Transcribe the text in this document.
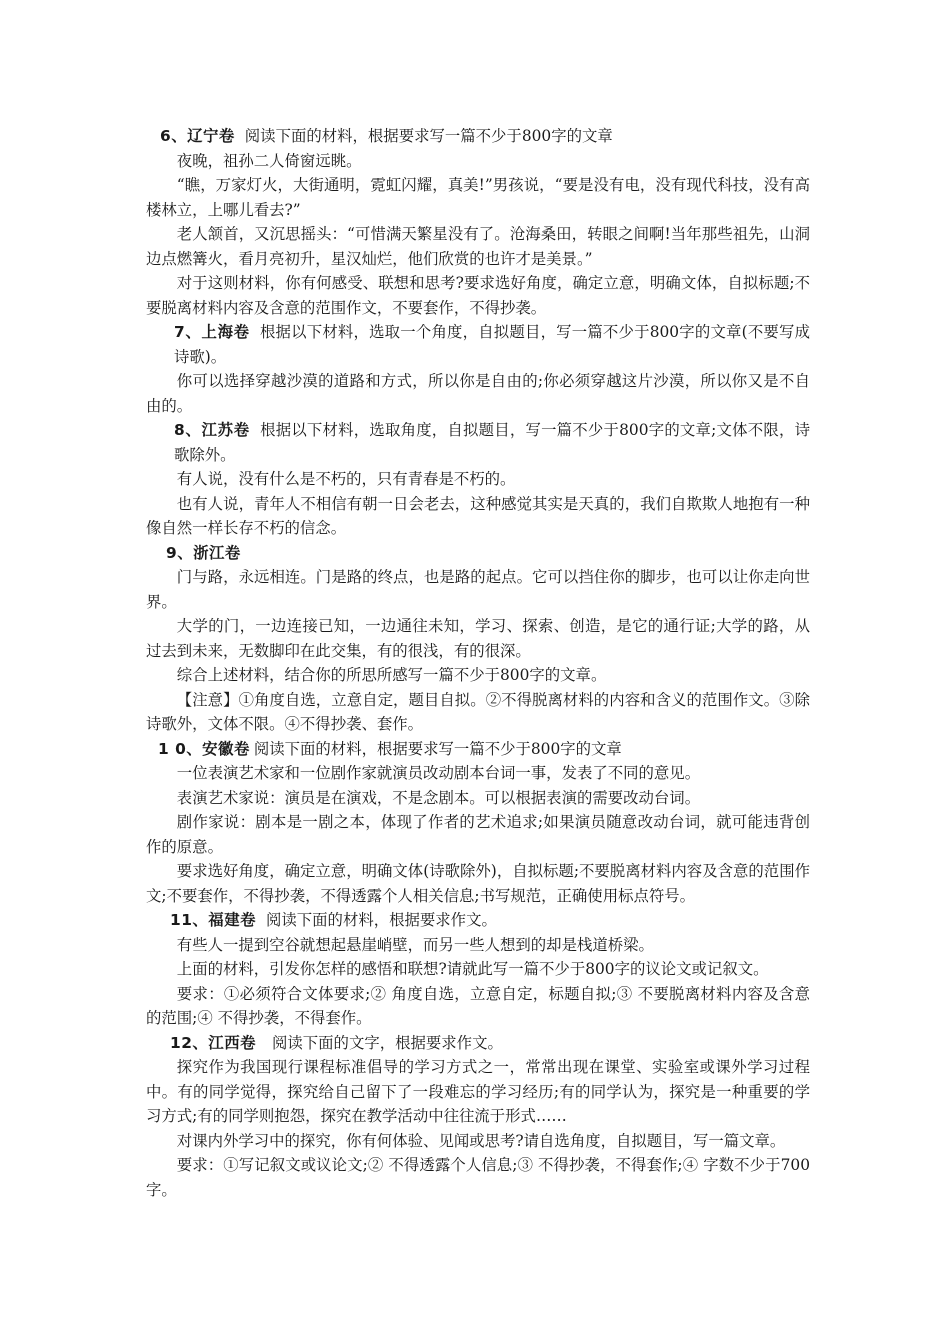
6、辽宁卷 阅读下面的材料，根据要求写一篇不少于800字的文章

夜晚，祖孙二人倚窗远眺。

“瞧，万家灯火，大街通明，霓虹闪耀，真美!”男孩说，“要是没有电，没有现代科技，没有高楼林立，上哪儿看去?”

老人颔首，又沉思摇头：“可惜满天繁星没有了。沧海桑田，转眼之间啊!当年那些祖先，山洞边点燃篝火，看月亮初升，星汉灿烂，他们欣赏的也许才是美景。”

对于这则材料，你有何感受、联想和思考?要求选好角度，确定立意，明确文体，自拟标题;不要脱离材料内容及含意的范围作文，不要套作，不得抄袭。

7、上海卷 根据以下材料，选取一个角度，自拟题目，写一篇不少于800字的文章(不要写成诗歌)。

你可以选择穿越沙漠的道路和方式，所以你是自由的;你必须穿越这片沙漠，所以你又是不自由的。

8、江苏卷 根据以下材料，选取角度，自拟题目，写一篇不少于800字的文章;文体不限，诗歌除外。

有人说，没有什么是不朽的，只有青春是不朽的。

也有人说，青年人不相信有朝一日会老去，这种感觉其实是天真的，我们自欺欺人地抱有一种像自然一样长存不朽的信念。

9、浙江卷

门与路，永远相连。门是路的终点，也是路的起点。它可以挡住你的脚步，也可以让你走向世界。

大学的门，一边连接已知，一边通往未知，学习、探索、创造，是它的通行证;大学的路，从过去到未来，无数脚印在此交集，有的很浅，有的很深。

综合上述材料，结合你的所思所感写一篇不少于800字的文章。

【注意】①角度自选，立意自定，题目自拟。②不得脱离材料的内容和含义的范围作文。③除诗歌外，文体不限。④不得抄袭、套作。

1 0、安徽卷 阅读下面的材料，根据要求写一篇不少于800字的文章

一位表演艺术家和一位剧作家就演员改动剧本台词一事，发表了不同的意见。

表演艺术家说：演员是在演戏，不是念剧本。可以根据表演的需要改动台词。

剧作家说：剧本是一剧之本，体现了作者的艺术追求;如果演员随意改动台词，就可能违背创作的原意。

要求选好角度，确定立意，明确文体(诗歌除外)，自拟标题;不要脱离材料内容及含意的范围作文;不要套作，不得抄袭，不得透露个人相关信息;书写规范，正确使用标点符号。

11、福建卷 阅读下面的材料，根据要求作文。

有些人一提到空谷就想起悬崖峭壁，而另一些人想到的却是栈道桥梁。

上面的材料，引发你怎样的感悟和联想?请就此写一篇不少于800字的议论文或记叙文。

要求：①必须符合文体要求;② 角度自选，立意自定，标题自拟;③ 不要脱离材料内容及含意的范围;④ 不得抄袭，不得套作。

12、江西卷 阅读下面的文字，根据要求作文。

探究作为我国现行课程标准倡导的学习方式之一，常常出现在课堂、实验室或课外学习过程中。有的同学觉得，探究给自己留下了一段难忘的学习经历;有的同学认为，探究是一种重要的学习方式;有的同学则抱怨，探究在教学活动中往往流于形式……

对课内外学习中的探究，你有何体验、见闻或思考?请自选角度，自拟题目，写一篇文章。

要求：①写记叙文或议论文;② 不得透露个人信息;③ 不得抄袭，不得套作;④ 字数不少于700字。
